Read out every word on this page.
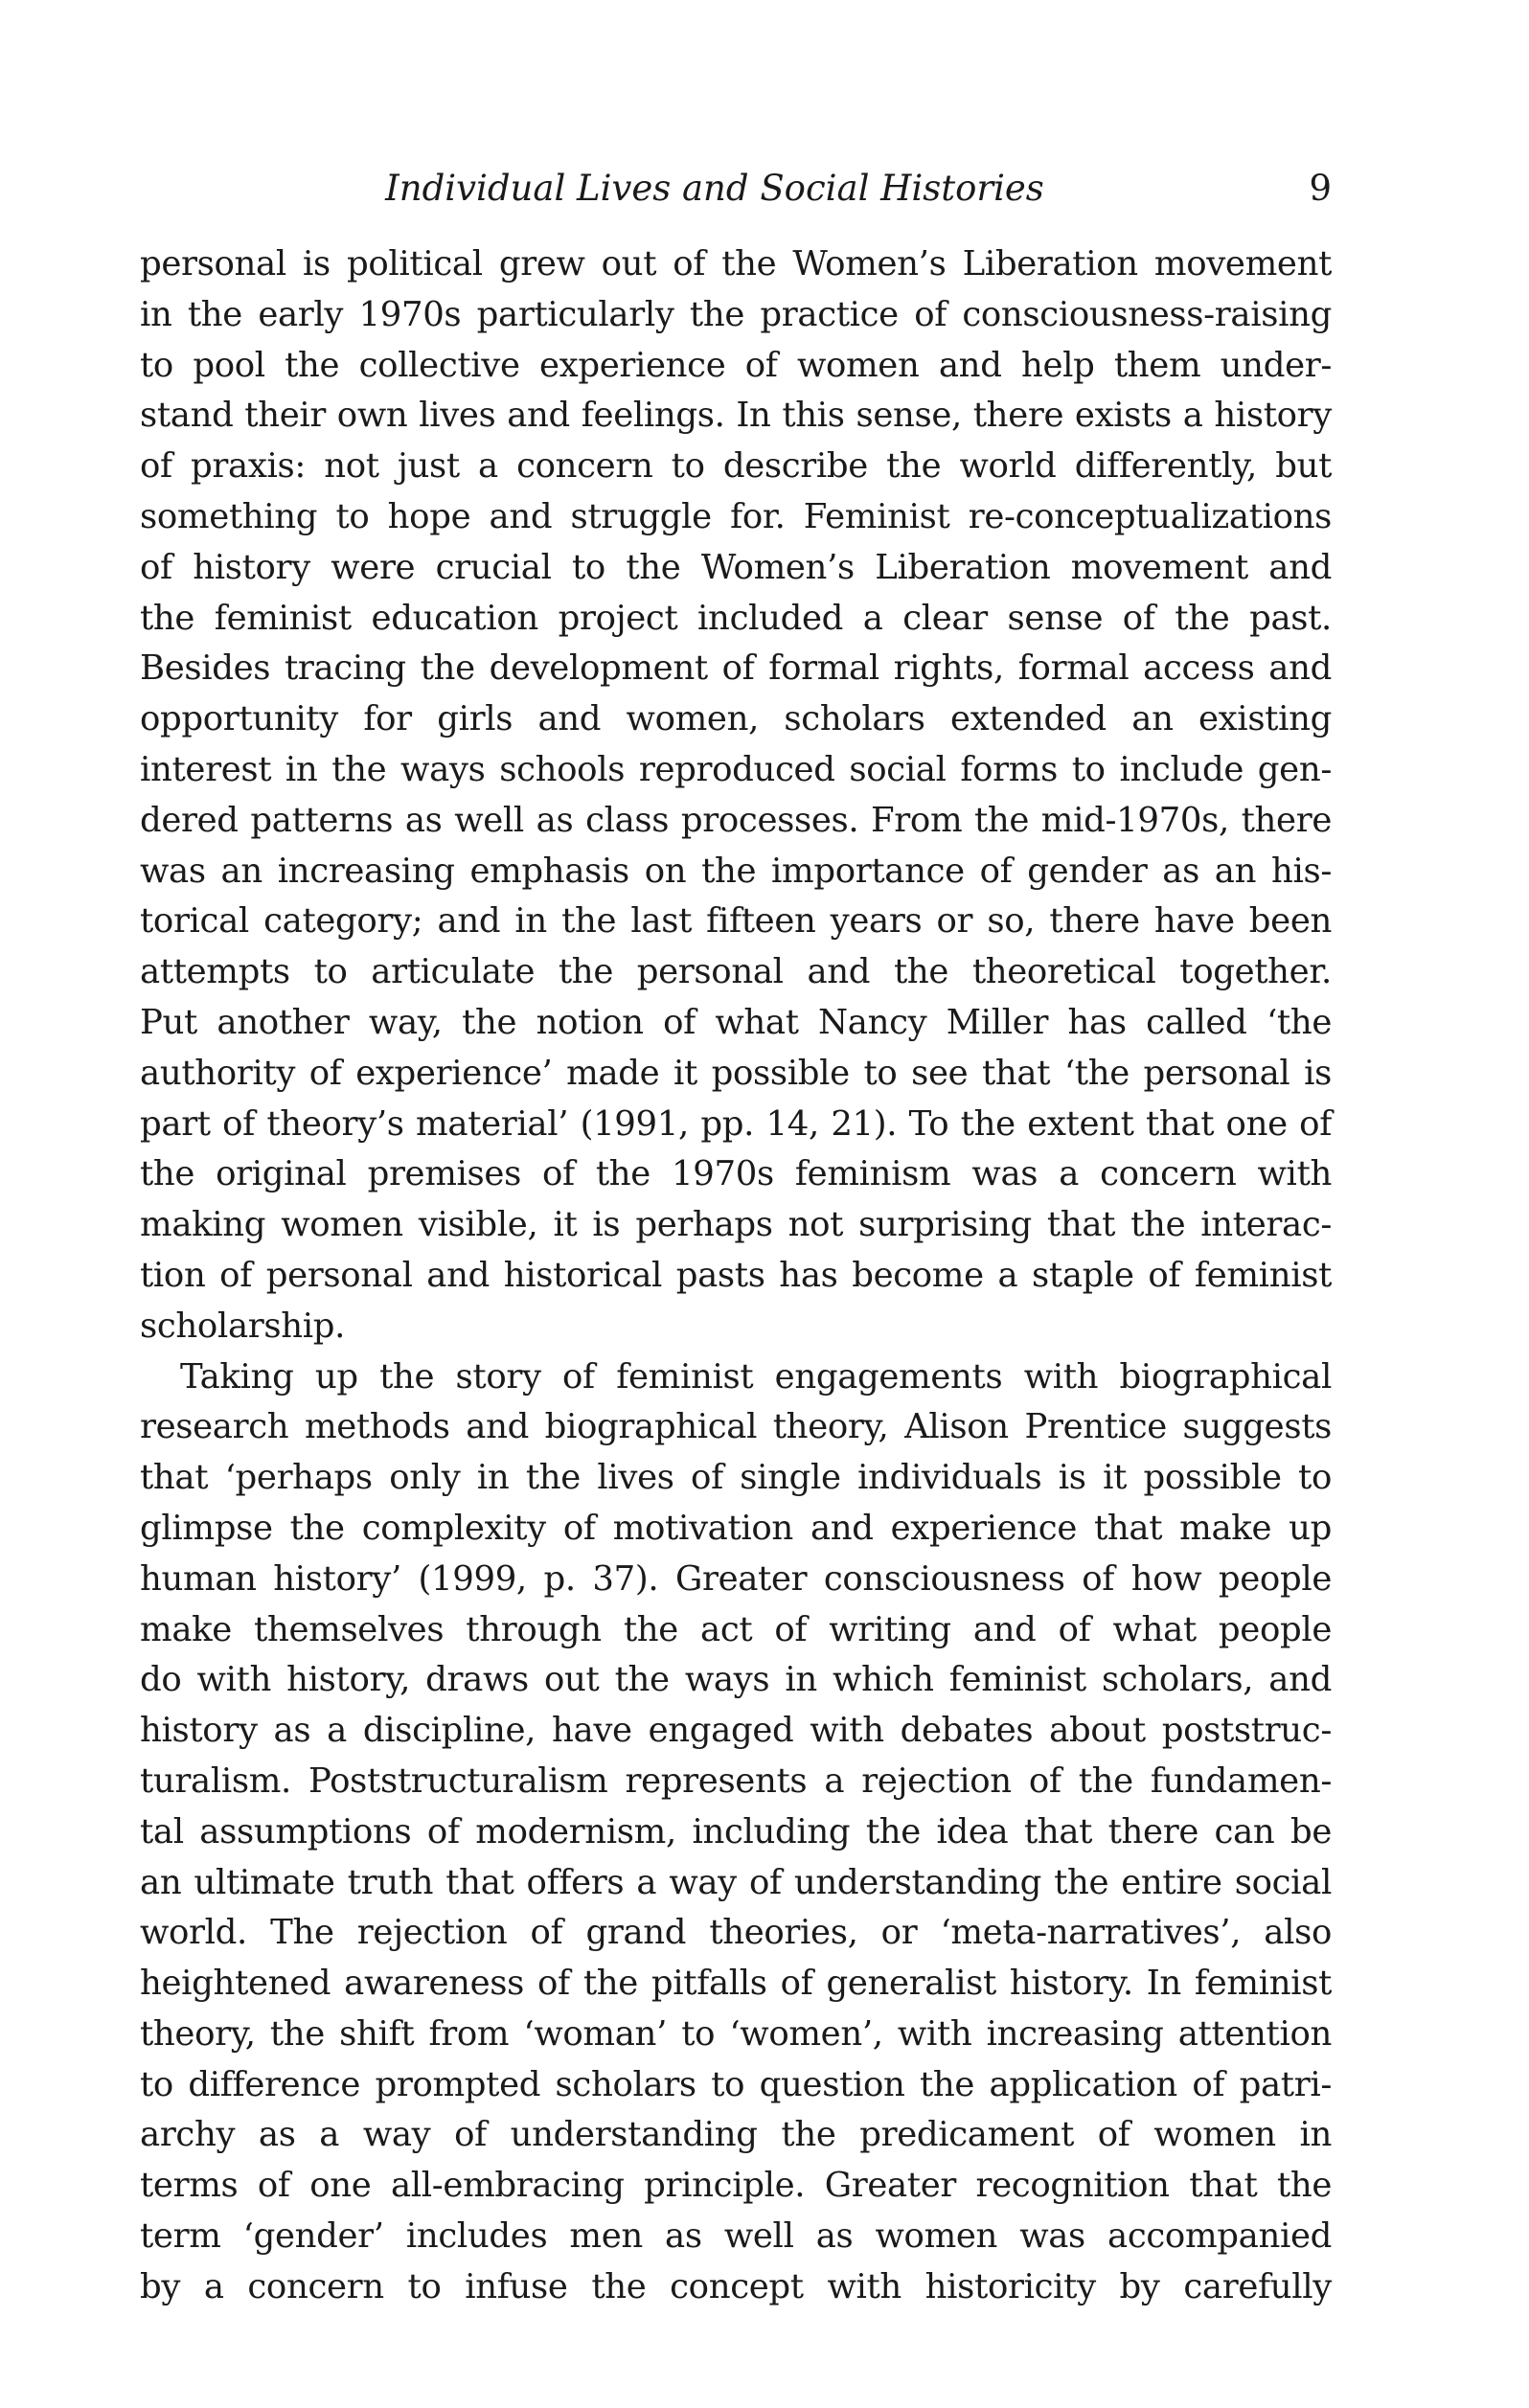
Individual Lives and Social Histories	9
personal is political grew out of the Women’s Liberation movement
in the early 1970s particularly the practice of consciousness-raising
to pool the collective experience of women and help them under-
stand their own lives and feelings. In this sense, there exists a history
of praxis: not just a concern to describe the world differently, but
something to hope and struggle for. Feminist re-conceptualizations
of history were crucial to the Women’s Liberation movement and
the feminist education project included a clear sense of the past.
Besides tracing the development of formal rights, formal access and
opportunity for girls and women, scholars extended an existing
interest in the ways schools reproduced social forms to include gen-
dered patterns as well as class processes. From the mid-1970s, there
was an increasing emphasis on the importance of gender as an his-
torical category; and in the last fifteen years or so, there have been
attempts to articulate the personal and the theoretical together.
Put another way, the notion of what Nancy Miller has called ‘the
authority of experience’ made it possible to see that ‘the personal is
part of theory’s material’ (1991, pp. 14, 21). To the extent that one of
the original premises of the 1970s feminism was a concern with
making women visible, it is perhaps not surprising that the interac-
tion of personal and historical pasts has become a staple of feminist
scholarship.
Taking up the story of feminist engagements with biographical
research methods and biographical theory, Alison Prentice suggests
that ‘perhaps only in the lives of single individuals is it possible to
glimpse the complexity of motivation and experience that make up
human history’ (1999, p. 37). Greater consciousness of how people
make themselves through the act of writing and of what people
do with history, draws out the ways in which feminist scholars, and
history as a discipline, have engaged with debates about poststruc-
turalism. Poststructuralism represents a rejection of the fundamen-
tal assumptions of modernism, including the idea that there can be
an ultimate truth that offers a way of understanding the entire social
world. The rejection of grand theories, or ‘meta-narratives’, also
heightened awareness of the pitfalls of generalist history. In feminist
theory, the shift from ‘woman’ to ‘women’, with increasing attention
to difference prompted scholars to question the application of patri-
archy as a way of understanding the predicament of women in
terms of one all-embracing principle. Greater recognition that the
term ‘gender’ includes men as well as women was accompanied
by a concern to infuse the concept with historicity by carefully
